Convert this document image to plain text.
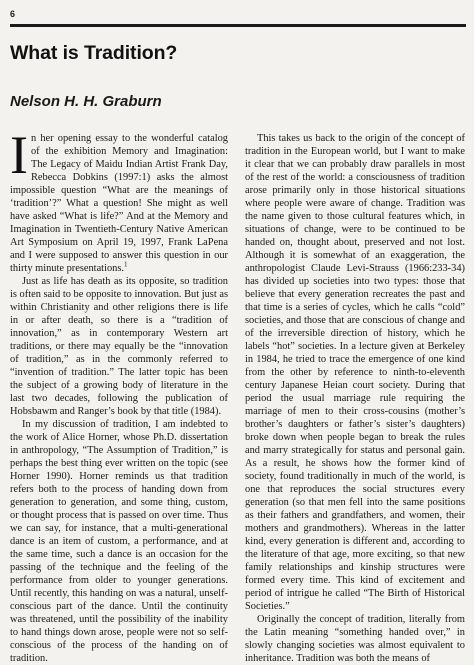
6
What is Tradition?
Nelson H. H. Graburn

In her opening essay to the wonderful catalog of the exhibition Memory and Imagination: The Legacy of Maidu Indian Artist Frank Day, Rebecca Dobkins (1997:1) asks the almost impossible question “What are the meanings of ‘tradition’?” What a question! She might as well have asked “What is life?” And at the Memory and Imagination in Twentieth-Century Native American Art Symposium on April 19, 1997, Frank LaPena and I were supposed to answer this question in our thirty minute presentations.$^1$

Just as life has death as its opposite, so tradition is often said to be opposite to innovation. But just as within Christianity and other religions there is life in or after death, so there is a “tradition of innovation,” as in contemporary Western art traditions, or there may equally be the “innovation of tradition,” as in the commonly referred to “invention of tradition.” The latter topic has been the subject of a growing body of literature in the last two decades, following the publication of Hobsbawm and Ranger’s book by that title (1984).

In my discussion of tradition, I am indebted to the work of Alice Horner, whose Ph.D. dissertation in anthropology, “The Assumption of Tradition,” is perhaps the best thing ever written on the topic (see Horner 1990). Horner reminds us that tradition refers both to the process of handing down from generation to generation, and some thing, custom, or thought process that is passed on over time. Thus we can say, for instance, that a multi-generational dance is an item of custom, a performance, and at the same time, such a dance is an occasion for the passing of the technique and the feeling of the performance from older to younger generations. Until recently, this handing on was a natural, unself-conscious part of the dance. Until the continuity was threatened, until the possibility of the inability to hand things down arose, people were not so self-conscious of the process of the handing on of tradition.

This takes us back to the origin of the concept of tradition in the European world, but I want to make it clear that we can probably draw parallels in most of the rest of the world: a consciousness of tradition arose primarily only in those historical situations where people were aware of change. Tradition was the name given to those cultural features which, in situations of change, were to be continued to be handed on, thought about, preserved and not lost. Although it is somewhat of an exaggeration, the anthropologist Claude Levi-Strauss (1966:233-34) has divided up societies into two types: those that believe that every generation recreates the past and that time is a series of cycles, which he calls “cold” societies, and those that are conscious of change and of the irreversible direction of history, which he labels “hot” societies. In a lecture given at Berkeley in 1984, he tried to trace the emergence of one kind from the other by reference to ninth-to-eleventh century Japanese Heian court society. During that period the usual marriage rule requiring the marriage of men to their cross-cousins (mother’s brother’s daughters or father’s sister’s daughters) broke down when people began to break the rules and marry strategically for status and personal gain. As a result, he shows how the former kind of society, found traditionally in much of the world, is one that reproduces the social structures every generation (so that men fell into the same positions as their fathers and grandfathers, and women, their mothers and grandmothers). Whereas in the latter kind, every generation is different and, according to the literature of that age, more exciting, so that new family relationships and kinship structures were formed every time. This kind of excitement and period of intrigue he called “The Birth of Historical Societies.”

Originally the concept of tradition, literally from the Latin meaning “something handed over,” in slowly changing societies was almost equivalent to inheritance. Tradition was both the means of
